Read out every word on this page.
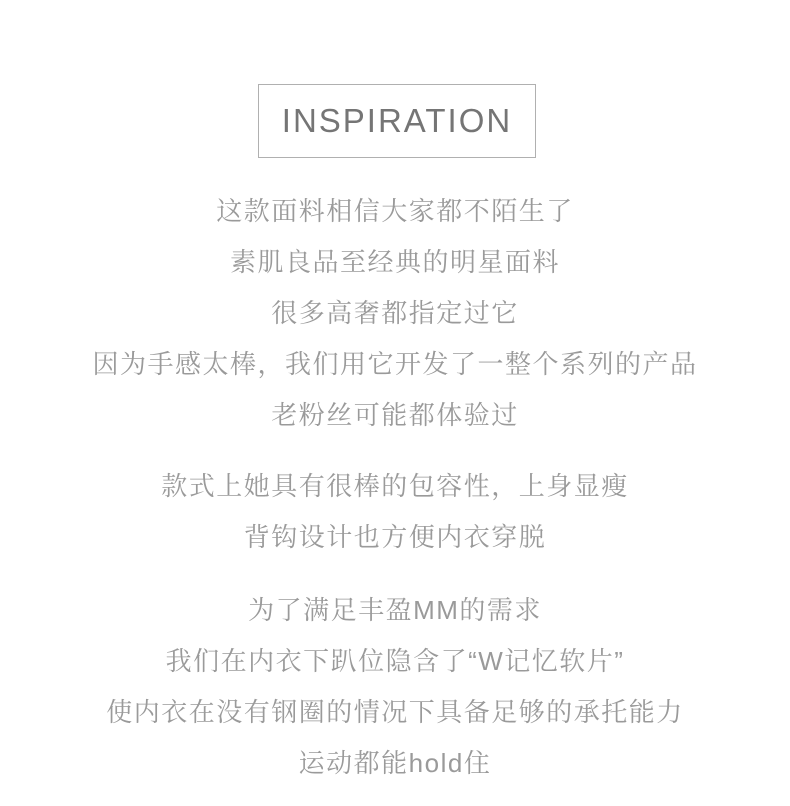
INSPIRATION
这款面料相信大家都不陌生了
素肌良品至经典的明星面料
很多高奢都指定过它
因为手感太棒，我们用它开发了一整个系列的产品
老粉丝可能都体验过
款式上她具有很棒的包容性，上身显瘦
背钩设计也方便内衣穿脱
为了满足丰盈MM的需求
我们在内衣下趴位隐含了“W记忆软片”
使内衣在没有钢圈的情况下具备足够的承托能力
运动都能hold住
